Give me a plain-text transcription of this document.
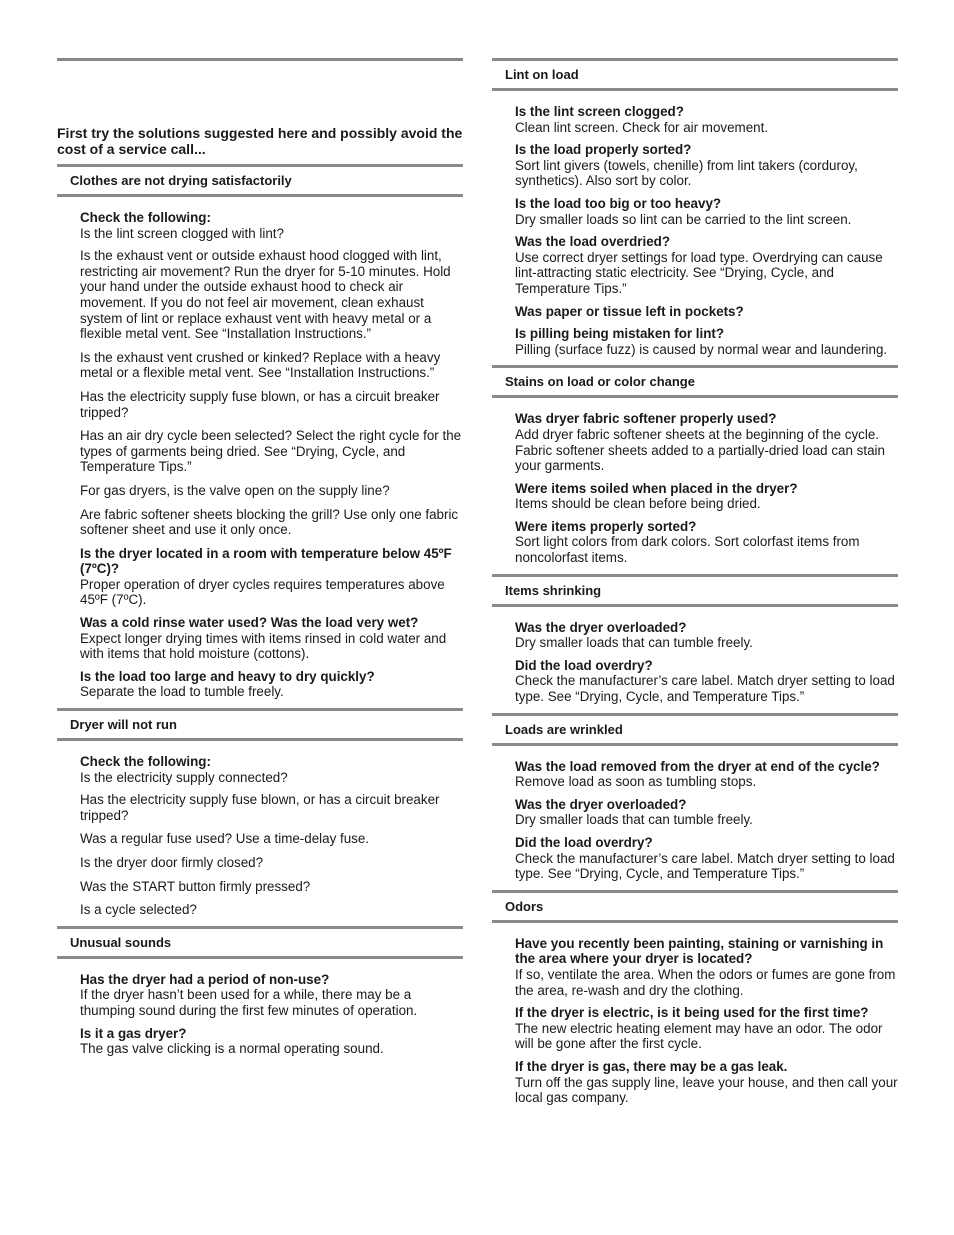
First try the solutions suggested here and possibly avoid the cost of a service call...
Clothes are not drying satisfactorily
Check the following:
Is the lint screen clogged with lint?
Is the exhaust vent or outside exhaust hood clogged with lint, restricting air movement? Run the dryer for 5-10 minutes. Hold your hand under the outside exhaust hood to check air movement. If you do not feel air movement, clean exhaust system of lint or replace exhaust vent with heavy metal or a flexible metal vent. See “Installation Instructions.”
Is the exhaust vent crushed or kinked? Replace with a heavy metal or a flexible metal vent. See “Installation Instructions.”
Has the electricity supply fuse blown, or has a circuit breaker tripped?
Has an air dry cycle been selected? Select the right cycle for the types of garments being dried. See “Drying, Cycle, and Temperature Tips.”
For gas dryers, is the valve open on the supply line?
Are fabric softener sheets blocking the grill? Use only one fabric softener sheet and use it only once.
Is the dryer located in a room with temperature below 45ºF (7ºC)?
Proper operation of dryer cycles requires temperatures above 45ºF (7ºC).
Was a cold rinse water used? Was the load very wet?
Expect longer drying times with items rinsed in cold water and with items that hold moisture (cottons).
Is the load too large and heavy to dry quickly?
Separate the load to tumble freely.
Dryer will not run
Check the following:
Is the electricity supply connected?
Has the electricity supply fuse blown, or has a circuit breaker tripped?
Was a regular fuse used? Use a time-delay fuse.
Is the dryer door firmly closed?
Was the START button firmly pressed?
Is a cycle selected?
Unusual sounds
Has the dryer had a period of non-use?
If the dryer hasn’t been used for a while, there may be a thumping sound during the first few minutes of operation.
Is it a gas dryer?
The gas valve clicking is a normal operating sound.
Lint on load
Is the lint screen clogged?
Clean lint screen. Check for air movement.
Is the load properly sorted?
Sort lint givers (towels, chenille) from lint takers (corduroy, synthetics). Also sort by color.
Is the load too big or too heavy?
Dry smaller loads so lint can be carried to the lint screen.
Was the load overdried?
Use correct dryer settings for load type. Overdrying can cause lint-attracting static electricity. See “Drying, Cycle, and Temperature Tips.”
Was paper or tissue left in pockets?
Is pilling being mistaken for lint?
Pilling (surface fuzz) is caused by normal wear and laundering.
Stains on load or color change
Was dryer fabric softener properly used?
Add dryer fabric softener sheets at the beginning of the cycle. Fabric softener sheets added to a partially-dried load can stain your garments.
Were items soiled when placed in the dryer?
Items should be clean before being dried.
Were items properly sorted?
Sort light colors from dark colors. Sort colorfast items from noncolorfast items.
Items shrinking
Was the dryer overloaded?
Dry smaller loads that can tumble freely.
Did the load overdry?
Check the manufacturer’s care label. Match dryer setting to load type. See “Drying, Cycle, and Temperature Tips.”
Loads are wrinkled
Was the load removed from the dryer at end of the cycle?
Remove load as soon as tumbling stops.
Was the dryer overloaded?
Dry smaller loads that can tumble freely.
Did the load overdry?
Check the manufacturer’s care label. Match dryer setting to load type. See “Drying, Cycle, and Temperature Tips.”
Odors
Have you recently been painting, staining or varnishing in the area where your dryer is located?
If so, ventilate the area. When the odors or fumes are gone from the area, re-wash and dry the clothing.
If the dryer is electric, is it being used for the first time?
The new electric heating element may have an odor. The odor will be gone after the first cycle.
If the dryer is gas, there may be a gas leak.
Turn off the gas supply line, leave your house, and then call your local gas company.
